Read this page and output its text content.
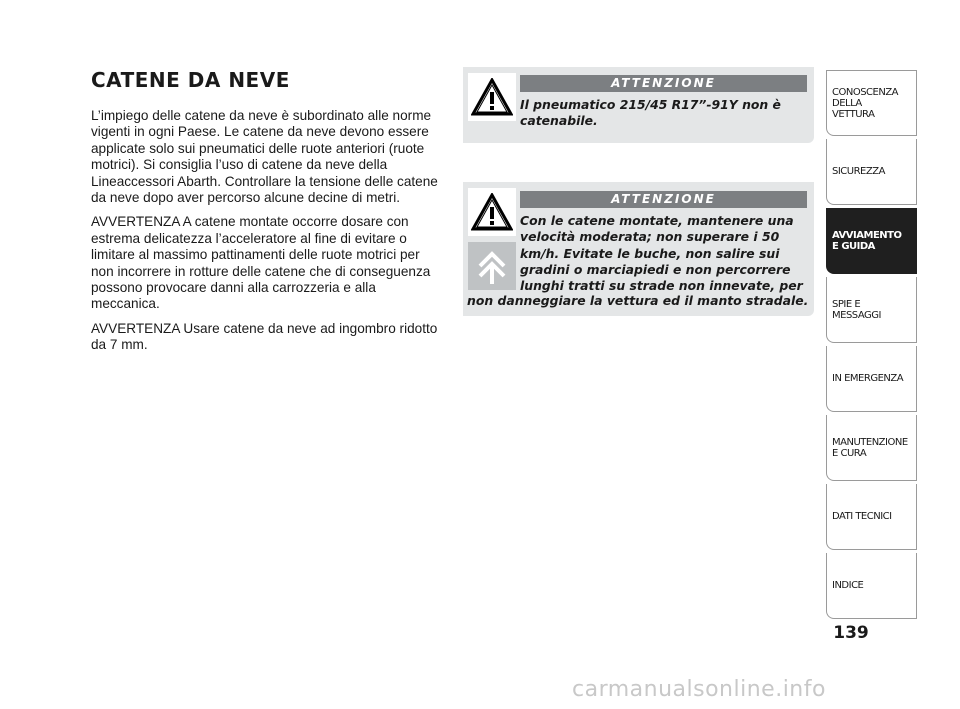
CATENE DA NEVE

L’impiego delle catene da neve è subordinato alle norme vigenti in ogni Paese. Le catene da neve devono essere applicate solo sui pneumatici delle ruote anteriori (ruote motrici). Si consiglia l’uso di catene da neve della Lineaccessori Abarth. Controllare la tensione delle catene da neve dopo aver percorso alcune decine di metri.

AVVERTENZA A catene montate occorre dosare con estrema delicatezza l’acceleratore al fine di evitare o limitare al massimo pattinamenti delle ruote motrici per non incorrere in rotture delle catene che di conseguenza possono provocare danni alla carrozzeria e alla meccanica.

AVVERTENZA Usare catene da neve ad ingombro ridotto da 7 mm.

ATTENZIONE
Il pneumatico 215/45 R17”-91Y non è catenabile.
ATTENZIONE
Con le catene montate, mantenere una velocità moderata; non superare i 50 km/h. Evitate le buche, non salire sui gradini o marciapiedi e non percorrere lunghi tratti su strade non innevate, per
non danneggiare la vettura ed il manto stradale.
CONOSCENZA
DELLA
VETTURA
SICUREZZA
AVVIAMENTO
E GUIDA
SPIE E
MESSAGGI
IN EMERGENZA
MANUTENZIONE
E CURA
DATI TECNICI
INDICE
139
carmanualsonline.info
